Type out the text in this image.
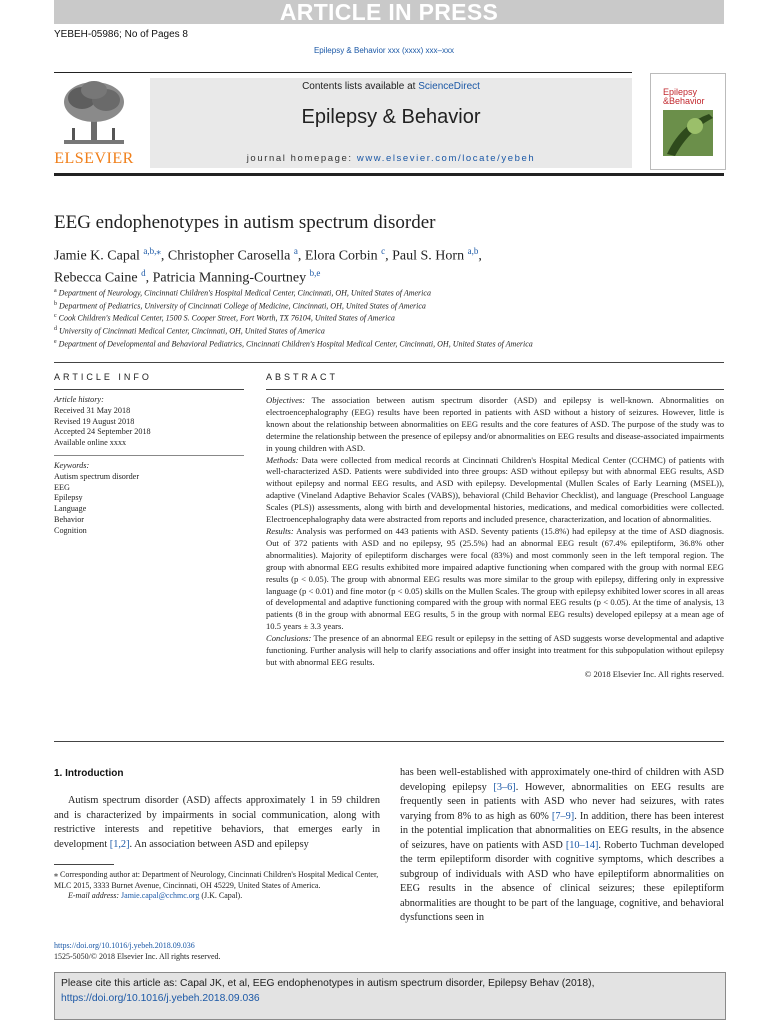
ARTICLE IN PRESS
YEBEH-05986; No of Pages 8
Epilepsy & Behavior xxx (xxxx) xxx–xxx
ELSEVIER
Contents lists available at ScienceDirect
Epilepsy & Behavior
journal homepage: www.elsevier.com/locate/yebeh
Epilepsy
&Behavior
EEG endophenotypes in autism spectrum disorder
Jamie K. Capal $^{a,b,⁎}$, Christopher Carosella $^a$, Elora Corbin $^c$, Paul S. Horn $^{a,b}$,
Rebecca Caine $^d$, Patricia Manning-Courtney $^{b,e}$
$^a$ Department of Neurology, Cincinnati Children's Hospital Medical Center, Cincinnati, OH, United States of America
$^b$ Department of Pediatrics, University of Cincinnati College of Medicine, Cincinnati, OH, United States of America
$^c$ Cook Children's Medical Center, 1500 S. Cooper Street, Fort Worth, TX 76104, United States of America
$^d$ University of Cincinnati Medical Center, Cincinnati, OH, United States of America
$^e$ Department of Developmental and Behavioral Pediatrics, Cincinnati Children's Hospital Medical Center, Cincinnati, OH, United States of America
ARTICLE INFO	ABSTRACT
Article history:
Received 31 May 2018
Revised 19 August 2018
Accepted 24 September 2018
Available online xxxx
Keywords:
Autism spectrum disorder
EEG
Epilepsy
Language
Behavior
Cognition

Objectives: The association between autism spectrum disorder (ASD) and epilepsy is well-known. Abnormalities on electroencephalography (EEG) results have been reported in patients with ASD without a history of seizures. However, little is known about the relationship between abnormalities on EEG results and the core features of ASD. The purpose of the study was to determine the relationship between the presence of epilepsy and/or abnormalities on EEG results and disease-associated impairments in young children with ASD.

Methods: Data were collected from medical records at Cincinnati Children's Hospital Medical Center (CCHMC) of patients with well-characterized ASD. Patients were subdivided into three groups: ASD without epilepsy but with abnormal EEG results, ASD without epilepsy and normal EEG results, and ASD with epilepsy. Developmental (Mullen Scales of Early Learning (MSEL)), adaptive (Vineland Adaptive Behavior Scales (VABS)), behavioral (Child Behavior Checklist), and language (Preschool Language Scales (PLS)) assessments, along with birth and developmental histories, medications, and medical comorbidities were collected. Electroencephalography data were abstracted from reports and included presence, characterization, and location of abnormalities.

Results: Analysis was performed on 443 patients with ASD. Seventy patients (15.8%) had epilepsy at the time of ASD diagnosis. Out of 372 patients with ASD and no epilepsy, 95 (25.5%) had an abnormal EEG result (67.4% epileptiform, 36.8% other abnormalities). Majority of epileptiform discharges were focal (83%) and most commonly seen in the left temporal region. The group with abnormal EEG results exhibited more impaired adaptive functioning when compared with the group with normal EEG results (p < 0.05). The group with abnormal EEG results was more similar to the group with epilepsy, differing only in expressive language (p < 0.01) and fine motor (p < 0.05) skills on the Mullen Scales. The group with epilepsy exhibited lower scores in all areas of developmental and adaptive functioning compared with the group with normal EEG results (p < 0.05). At the time of analysis, 13 patients (8 in the group with abnormal EEG results, 5 in the group with normal EEG results) developed epilepsy at a mean age of 10.5 years ± 3.3 years.

Conclusions: The presence of an abnormal EEG result or epilepsy in the setting of ASD suggests worse developmental and adaptive functioning. Further analysis will help to clarify associations and offer insight into treatment for this subpopulation without epilepsy but with abnormal EEG results.

© 2018 Elsevier Inc. All rights reserved.

1. Introduction
Autism spectrum disorder (ASD) affects approximately 1 in 59 children and is characterized by impairments in social communication, along with restrictive interests and repetitive behaviors, that emerges early in development [1,2]. An association between ASD and epilepsy
has been well-established with approximately one-third of children with ASD developing epilepsy [3–6]. However, abnormalities on EEG results are frequently seen in patients with ASD who never had seizures, with rates varying from 8% to as high as 60% [7–9]. In addition, there has been interest in the potential implication that abnormalities on EEG results, in the absence of seizures, have on patients with ASD [10–14]. Roberto Tuchman developed the term epileptiform disorder with cognitive symptoms, which describes a subgroup of individuals with ASD who have epileptiform abnormalities on EEG results in the absence of clinical seizures; these epileptiform abnormalities are thought to be part of the language, cognitive, and behavioral dysfunctions seen in
⁎ Corresponding author at: Department of Neurology, Cincinnati Children's Hospital Medical Center, MLC 2015, 3333 Burnet Avenue, Cincinnati, OH 45229, United States of America.
E-mail address: Jamie.capal@cchmc.org (J.K. Capal).
https://doi.org/10.1016/j.yebeh.2018.09.036
1525-5050/© 2018 Elsevier Inc. All rights reserved.
Please cite this article as: Capal JK, et al, EEG endophenotypes in autism spectrum disorder, Epilepsy Behav (2018), https://doi.org/10.1016/j.yebeh.2018.09.036
